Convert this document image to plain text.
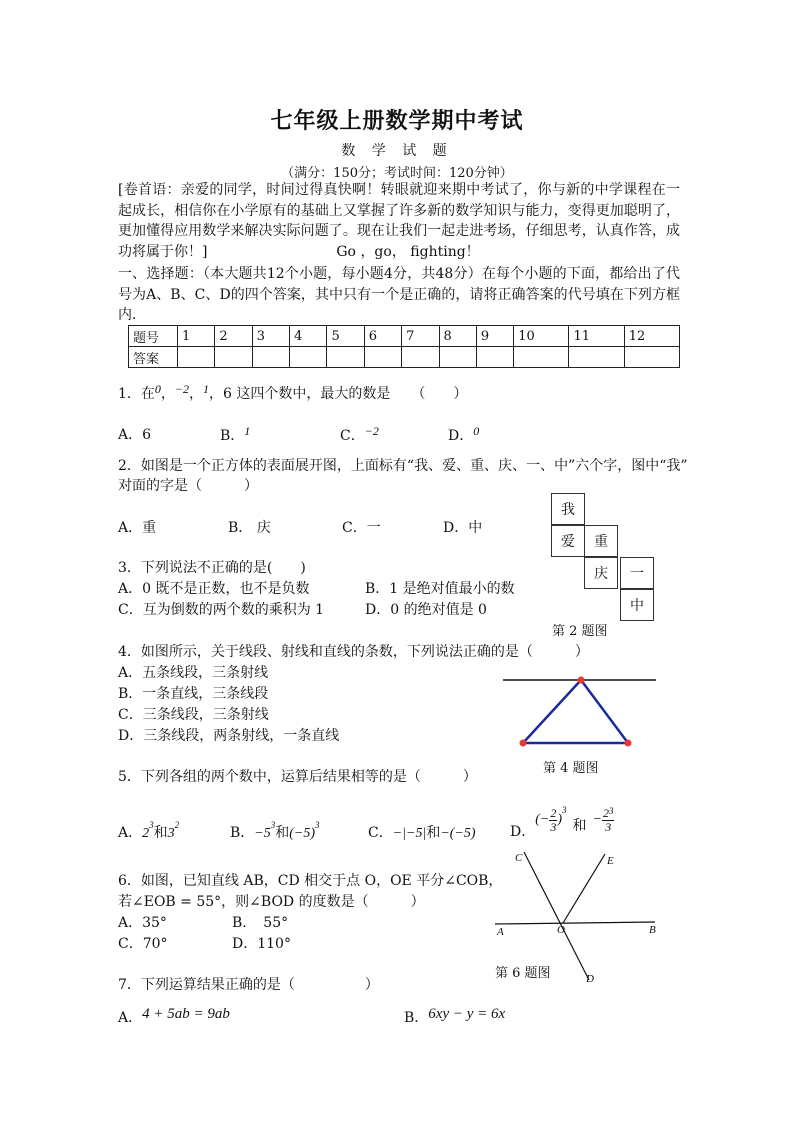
七年级上册数学期中考试
数 学 试 题
（满分：150分；考试时间：120分钟）
[卷首语：亲爱的同学，时间过得真快啊！转眼就迎来期中考试了，你与新的中学课程在一起成长，相信你在小学原有的基础上又掌握了许多新的数学知识与能力，变得更加聪明了，更加懂得应用数学来解决实际问题了。现在让我们一起走进考场，仔细思考，认真作答，成功将属于你！]	Go ，go， fighting！
一、选择题：（本大题共12个小题，每小题4分，共48分）在每个小题的下面，都给出了代号为A、B、C、D的四个答案，其中只有一个是正确的，请将正确答案的代号填在下列方框内．
题号	1	2	3	4	5	6	7	8	9	10	11	12
答案												
1．在0，−2，1，6 这四个数中，最大的数是　　（　　）
A．6	B．1	C．−2	D．0
2．如图是一个正方体的表面展开图，上面标有“我、爱、重、庆、一、中”六个字，图中“我”
对面的字是（　　　）
A．重	B． 庆	C．一	D．中
我
爱	重
庆	一
中
第 2 题图
3．下列说法不正确的是(　　)
A．0 既不是正数，也不是负数	B．1 是绝对值最小的数
C．互为倒数的两个数的乘积为 1	D．0 的绝对值是 0
4．如图所示，关于线段、射线和直线的条数，下列说法正确的是（　　　）
A．五条线段，三条射线
B．一条直线，三条线段
C．三条线段，三条射线
D．三条线段，两条射线，一条直线
第 4 题图
5．下列各组的两个数中，运算后结果相等的是（　　　）
A．$2^3$和$3^2$	B．$-5^3$和$(-5)^3$	C．−|−5|和−(−5) D．
(− $\frac{2}{3}$ )
3
和 − $\frac{2^3}{3}$
6．如图，已知直线 AB，CD 相交于点 O，OE 平分∠COB，
若∠EOB = 55°，则∠BOD 的度数是（　　　）
A．35°	B．　55°
C．70°	D．110°
C	E
A	O	B
D
第 6 题图
7．下列运算结果正确的是（　　　　　）
A．4 + 5ab = 9ab	B．6xy − y = 6x
